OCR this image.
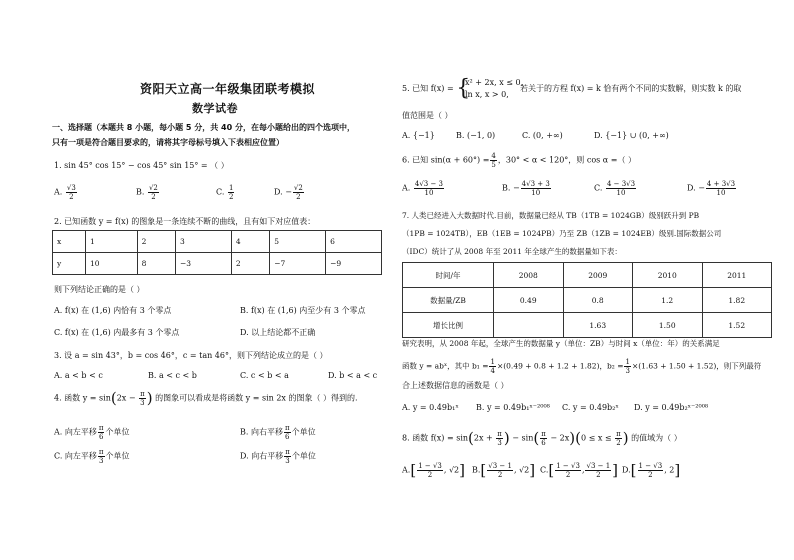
资阳天立高一年级集团联考模拟
数学试卷
一、选择题（本题共 8 小题，每小题 5 分，共 40 分，在每小题给出的四个选项中，
只有一项是符合题目要求的，请将其字母标号填入下表相应位置）
1. sin 45° cos 15° − cos 45° sin 15° = （ ）
A. $\frac{√3}{2}$	B. $\frac{√2}{2}$	C. $\frac{1}{2}$	D. − $\frac{√2}{2}$
2. 已知函数 y = f(x) 的图象是一条连续不断的曲线，且有如下对应值表：
x	1	2	3	4	5	6
y	10	8	−3	2	−7	−9
则下列结论正确的是（ ）
A. f(x) 在 (1,6) 内恰有 3 个零点	B. f(x) 在 (1,6) 内至少有 3 个零点
C. f(x) 在 (1,6) 内最多有 3 个零点	D. 以上结论都不正确
3. 设 a = sin 43°，b = cos 46°，c = tan 46°，则下列结论成立的是（ ）
A. a < b < c	B. a < c < b	C. c < b < a	D. b < a < c
4. 函数 $y = \sin(2x - \frac{\pi}{3}$ ) 的图象可以看成是将函数 y = sin 2x 的图象（ ）得到的.
A. 向左平移 $\frac{\pi}{6}$ 个单位	B. 向右平移 $\frac{\pi}{6}$ 个单位
C. 向左平移 $\frac{\pi}{3}$ 个单位	D. 向右平移 $\frac{\pi}{3}$ 个单位
5. 已知 f(x) = {
x² + 2x, x ≤ 0,
ln x, x > 0,
若关于的方程 f(x) = k 恰有两个不同的实数解，则实数 k 的取
值范围是（ ）
A. {−1}	B. (−1, 0)	C. (0, +∞)	D. {−1} ∪ (0, +∞)
6. 已知 $\sin(\alpha + 60^\circ) = \frac{4}{5}$ ，30° < α < 120°，则 cos α =（ ）
A. $\frac{4√3 - 3}{10}$	B. − $\frac{4√3 + 3}{10}$	C. $\frac{4 - 3√3}{10}$	D. − $\frac{4 + 3√3}{10}$
7. 人类已经进入大数据时代.目前，数据量已经从 TB（1TB = 1024GB）级别跃升到 PB
（1PB = 1024TB），EB（1EB = 1024PB）乃至 ZB（1ZB = 1024EB）级别.国际数据公司
（IDC）统计了从 2008 年至 2011 年全球产生的数据量如下表：
时间/年	2008	2009	2010	2011
数据量/ZB	0.49	0.8	1.2	1.82
增长比例		1.63	1.50	1.52
研究表明，从 2008 年起，全球产生的数据量 y（单位：ZB）与时间 x（单位：年）的关系满足
函数 y = abˣ，其中 $b_1 = \frac{1}{4} \times(0.49 + 0.8 + 1.2 + 1.82)$，$b_2 = \frac{1}{3} \times(1.63 + 1.50 + 1.52)$，则下列最符
合上述数据信息的函数是（ ）
A. y = 0.49b₁ˣ B. y = 0.49b₁ˣ⁻²⁰⁰⁸ C. y = 0.49b₂ˣ D. y = 0.49b₂ˣ⁻²⁰⁰⁸
8. 函数 $f(x) = \sin(2x + \frac{\pi}{3}$ ) − $\sin( \frac{\pi}{6} - 2x)(0 \le x \le \frac{\pi}{2}$ ) 的值域为（ ）
$A.[ \frac{1 - √3}{2}$ , √2] $B.[ \frac{√3 - 1}{2}$ , √2] $C.[ \frac{1 - √3}{2}$ , $\frac{√3 - 1}{2}$ ] $D.[ \frac{1 - √3}{2}$ , 2]
